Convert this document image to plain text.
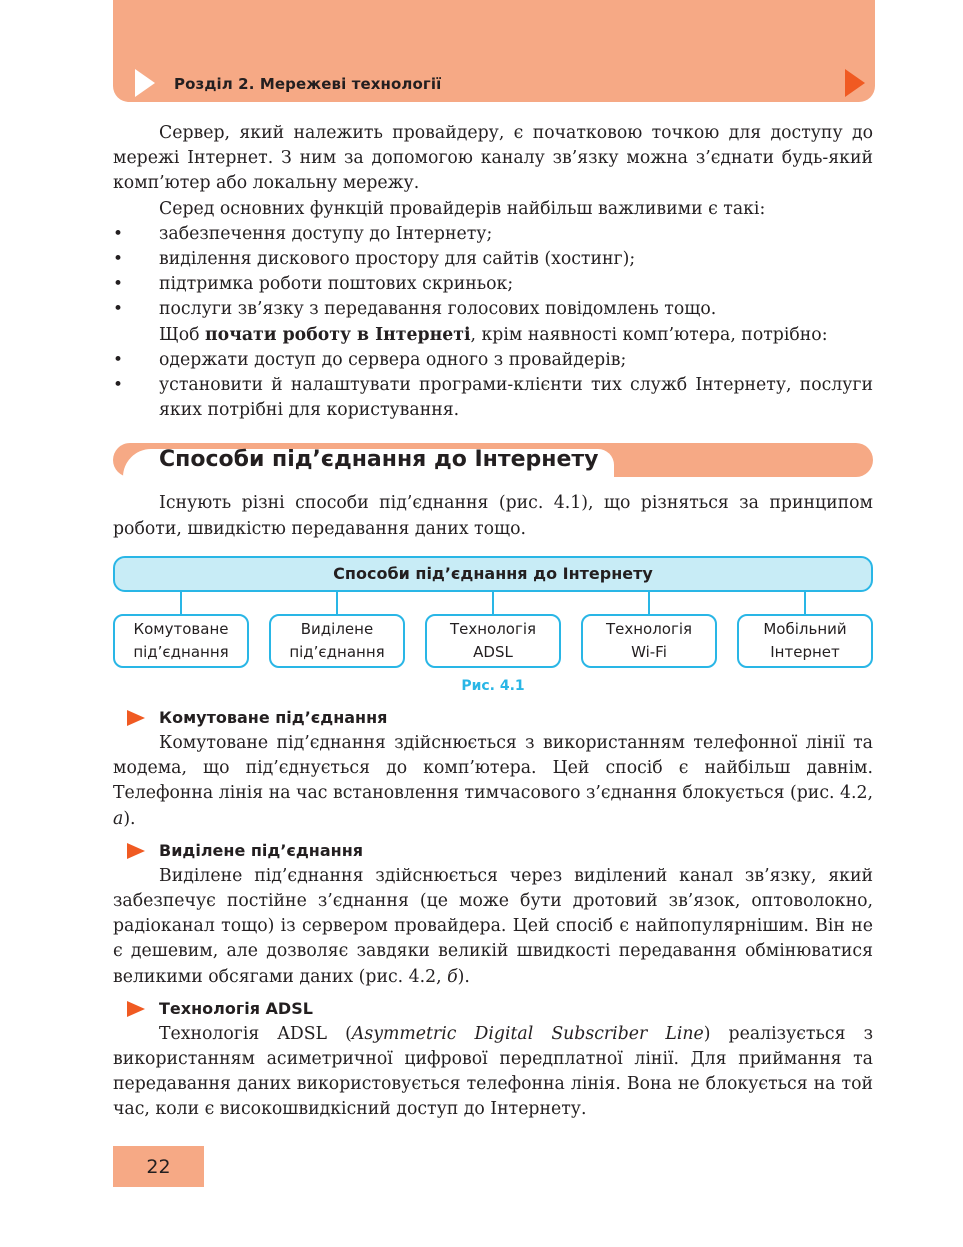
Розділ 2. Мережеві технології

Сервер, який належить провайдеру, є початковою точкою для доступу до мережі Інтернет. З ним за допомогою каналу зв’язку можна з’єднати будь-який комп’ютер або локальну мережу.

Серед основних функцій провайдерів найбільш важливими є такі:

• забезпечення доступу до Інтернету;
• виділення дискового простору для сайтів (хостинг);
• підтримка роботи поштових скриньок;
• послуги зв’язку з передавання голосових повідомлень тощо.

Щоб почати роботу в Інтернеті, крім наявності комп’ютера, потрібно:

• одержати доступ до сервера одного з провайдерів;
• установити й налаштувати програми-клієнти тих служб Інтернету, послуги яких потрібні для користування.
Способи під’єднання до Інтернету

Існують різні способи під’єднання (рис. 4.1), що різняться за принципом роботи, швидкістю передавання даних тощо.

Способи під’єднання до Інтернету
Комутоване
під’єднання
Виділене
під’єднання
Технологія
ADSL
Технологія
Wi-Fi
Мобільний
Інтернет
Рис. 4.1
Комутоване під’єднання

Комутоване під’єднання здійснюється з використанням телефонної лінії та модема, що під’єднується до комп’ютера. Цей спосіб є найбільш давнім. Телефонна лінія на час встановлення тимчасового з’єднання блокується (рис. 4.2, а).

Виділене під’єднання

Виділене під’єднання здійснюється через виділений канал зв’язку, який забезпечує постійне з’єднання (це може бути дротовий зв’язок, оптоволокно, радіоканал тощо) із сервером провайдера. Цей спосіб є найпопулярнішим. Він не є дешевим, але дозволяє завдяки великій швидкості передавання обмінюватися великими обсягами даних (рис. 4.2, б).

Технологія ADSL

Технологія ADSL (Asymmetric Digital Subscriber Line) реалізується з використанням асиметричної цифрової передплатної лінії. Для приймання та передавання даних використовується телефонна лінія. Вона не блокується на той час, коли є високошвидкісний доступ до Інтернету.

22
